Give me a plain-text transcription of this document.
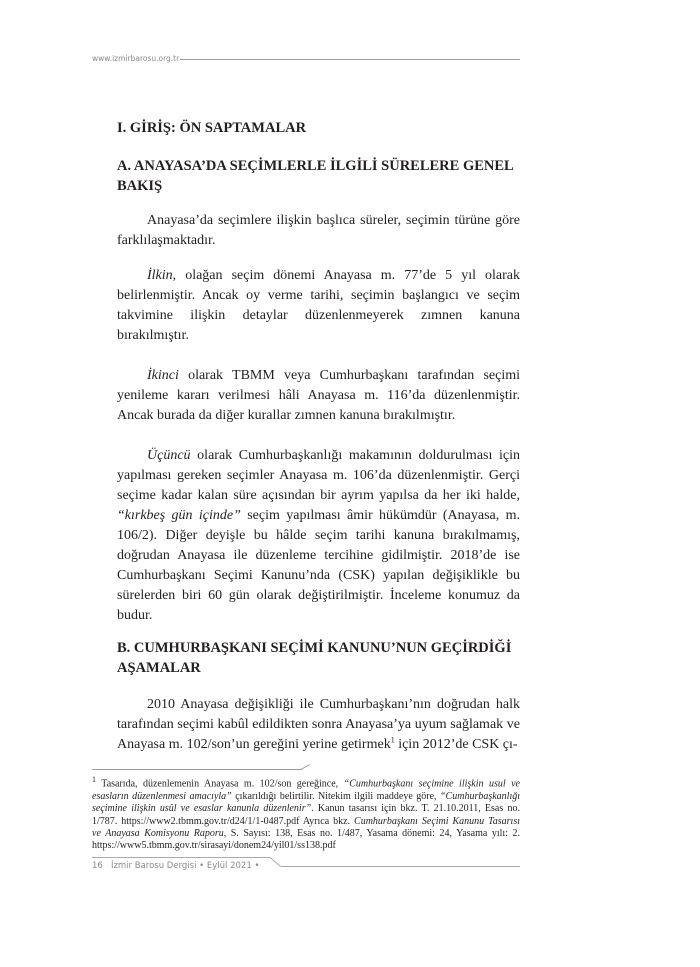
www.izmirbarosu.org.tr
I. GİRİŞ: ÖN SAPTAMALAR
A. ANAYASA’DA SEÇİMLERLE İLGİLİ SÜRELERE GENEL BAKIŞ
Anayasa’da seçimlere ilişkin başlıca süreler, seçimin türüne göre farklılaşmaktadır.
İlkin, olağan seçim dönemi Anayasa m. 77’de 5 yıl olarak belirlenmiştir. Ancak oy verme tarihi, seçimin başlangıcı ve seçim takvimine ilişkin detaylar düzenlenmeyerek zımnen kanuna bırakılmıştır.
İkinci olarak TBMM veya Cumhurbaşkanı tarafından seçimi yenileme kararı verilmesi hâli Anayasa m. 116’da düzenlenmiştir. Ancak burada da diğer kurallar zımnen kanuna bırakılmıştır.
Üçüncü olarak Cumhurbaşkanlığı makamının doldurulması için yapılması gereken seçimler Anayasa m. 106’da düzenlenmiştir. Gerçi seçime kadar kalan süre açısından bir ayrım yapılsa da her iki halde, “kırkbeş gün içinde” seçim yapılması âmir hükümdür (Anayasa, m. 106/2). Diğer deyişle bu hâlde seçim tarihi kanuna bırakılmamış, doğrudan Anayasa ile düzenleme tercihine gidilmiştir. 2018’de ise Cumhurbaşkanı Seçimi Kanunu’nda (CSK) yapılan değişiklikle bu sürelerden biri 60 gün olarak değiştirilmiştir. İnceleme konumuz da budur.
B. CUMHURBAŞKANI SEÇİMİ KANUNU’NUN GEÇİRDİĞİ AŞAMALAR
2010 Anayasa değişikliği ile Cumhurbaşkanı’nın doğrudan halk tarafından seçimi kabûl edildikten sonra Anayasa’ya uyum sağlamak ve Anayasa m. 102/son’un gereğini yerine getirmek$^1$ için 2012’de CSK çı-
$^1$ Tasarıda, düzenlemenin Anayasa m. 102/son gereğince, “Cumhurbaşkanı seçimine ilişkin usul ve esasların düzenlenmesi amacıyla” çıkarıldığı belirtilir. Nitekim ilgili maddeye göre, “Cumhurbaşkanlığı seçimine ilişkin usûl ve esaslar kanunla düzenlenir”. Kanun tasarısı için bkz. T. 21.10.2011, Esas no. 1/787. https://www2.tbmm.gov.tr/d24/1/1-0487.pdf Ayrıca bkz. Cumhurbaşkanı Seçimi Kanunu Tasarısı ve Anayasa Komisyonu Raporu, S. Sayısı: 138, Esas no. 1/487, Yasama dönemi: 24, Yasama yılı: 2. https://www5.tbmm.gov.tr/sirasayi/donem24/yil01/ss138.pdf
16 İzmir Barosu Dergisi • Eylül 2021 •
